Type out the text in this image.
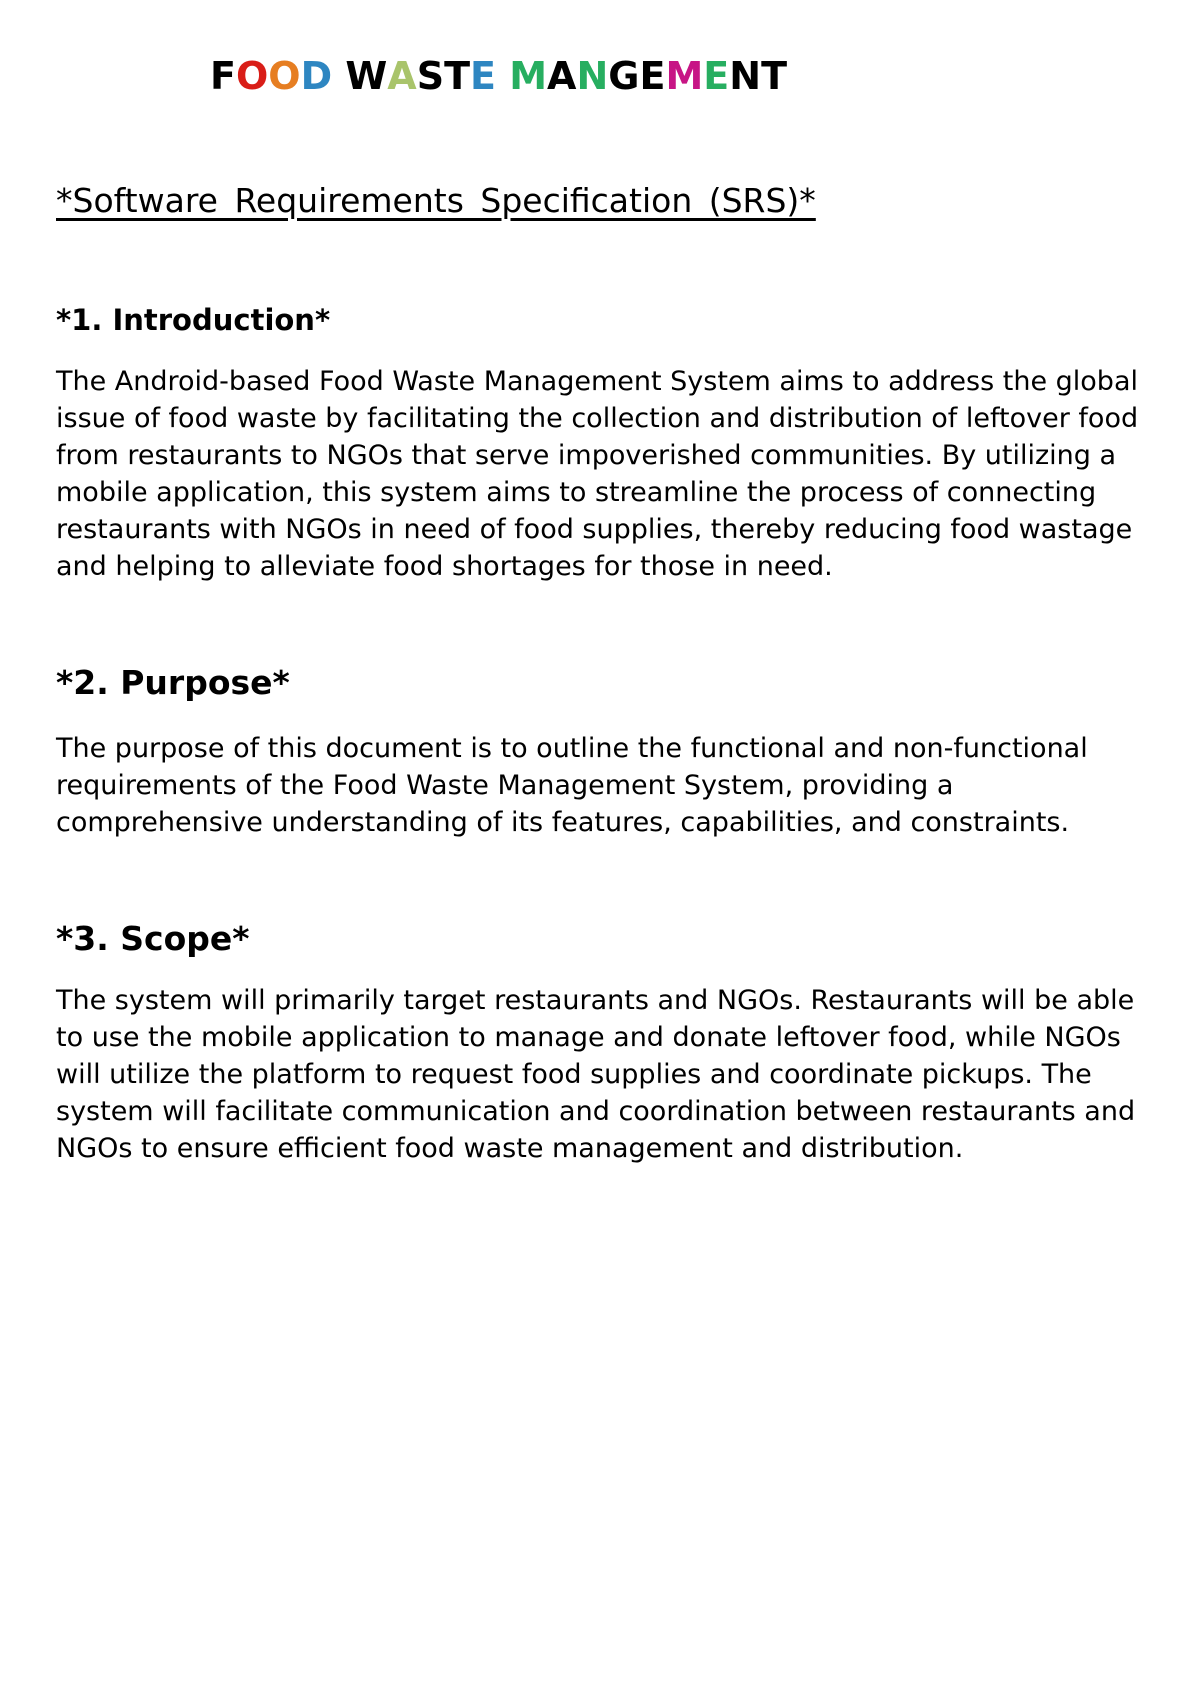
FOOD WASTE MANGEMENT
*Software Requirements Specification (SRS)*
*1. Introduction*

The Android-based Food Waste Management System aims to address the global issue of food waste by facilitating the collection and distribution of leftover food from restaurants to NGOs that serve impoverished communities. By utilizing a mobile application, this system aims to streamline the process of connecting restaurants with NGOs in need of food supplies, thereby reducing food wastage and helping to alleviate food shortages for those in need.

*2. Purpose*

The purpose of this document is to outline the functional and non-functional requirements of the Food Waste Management System, providing a comprehensive understanding of its features, capabilities, and constraints.

*3. Scope*

The system will primarily target restaurants and NGOs. Restaurants will be able to use the mobile application to manage and donate leftover food, while NGOs will utilize the platform to request food supplies and coordinate pickups. The system will facilitate communication and coordination between restaurants and NGOs to ensure efficient food waste management and distribution.
